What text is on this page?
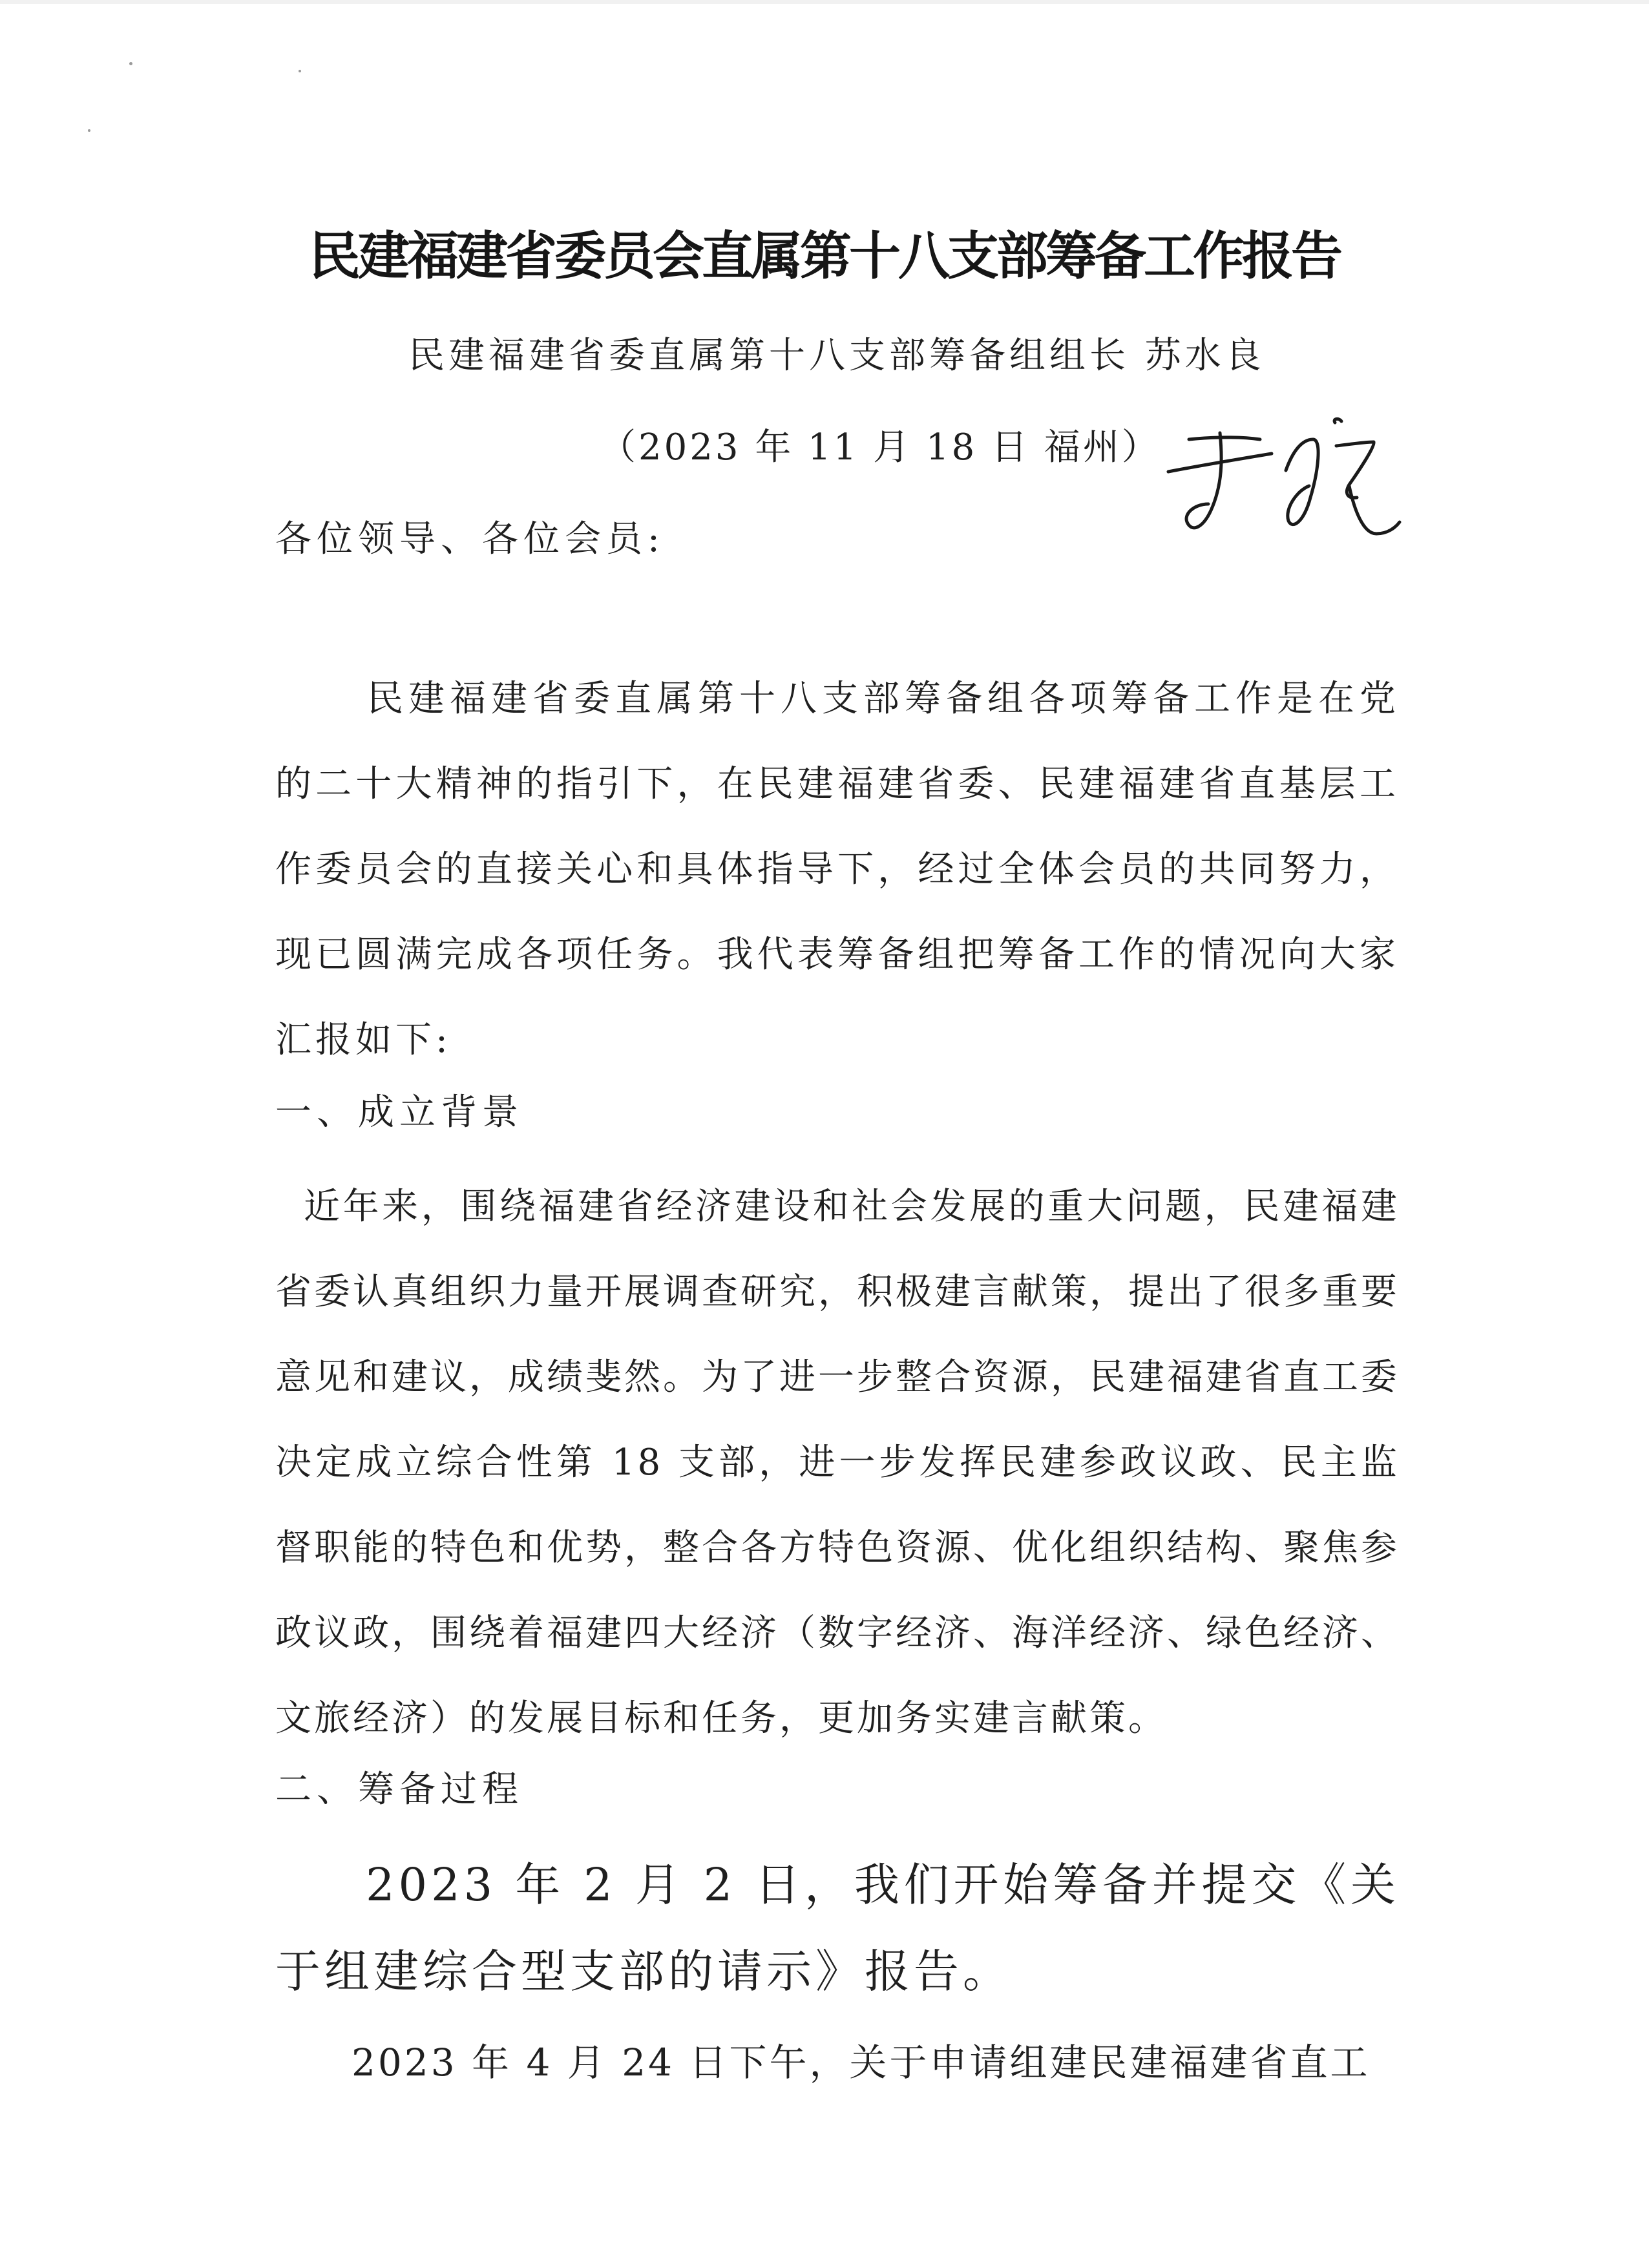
民建福建省委员会直属第十八支部筹备工作报告
民建福建省委直属第十八支部筹备组组长 苏水良
（2023 年 11 月 18 日 福州）
各位领导、各位会员:
民建福建省委直属第十八支部筹备组各项筹备工作是在党的二十大精神的指引下，在民建福建省委、民建福建省直基层工作委员会的直接关心和具体指导下，经过全体会员的共同努力，现已圆满完成各项任务。我代表筹备组把筹备工作的情况向大家汇报如下:
一、成立背景
近年来，围绕福建省经济建设和社会发展的重大问题，民建福建省委认真组织力量开展调查研究，积极建言献策，提出了很多重要意见和建议，成绩斐然。为了进一步整合资源，民建福建省直工委决定成立综合性第 18 支部，进一步发挥民建参政议政、民主监督职能的特色和优势，整合各方特色资源、优化组织结构、聚焦参政议政，围绕着福建四大经济（数字经济、海洋经济、绿色经济、文旅经济）的发展目标和任务，更加务实建言献策。
二、筹备过程
2023 年 2 月 2 日，我们开始筹备并提交《关于组建综合型支部的请示》报告。
2023 年 4 月 24 日下午，关于申请组建民建福建省直工
